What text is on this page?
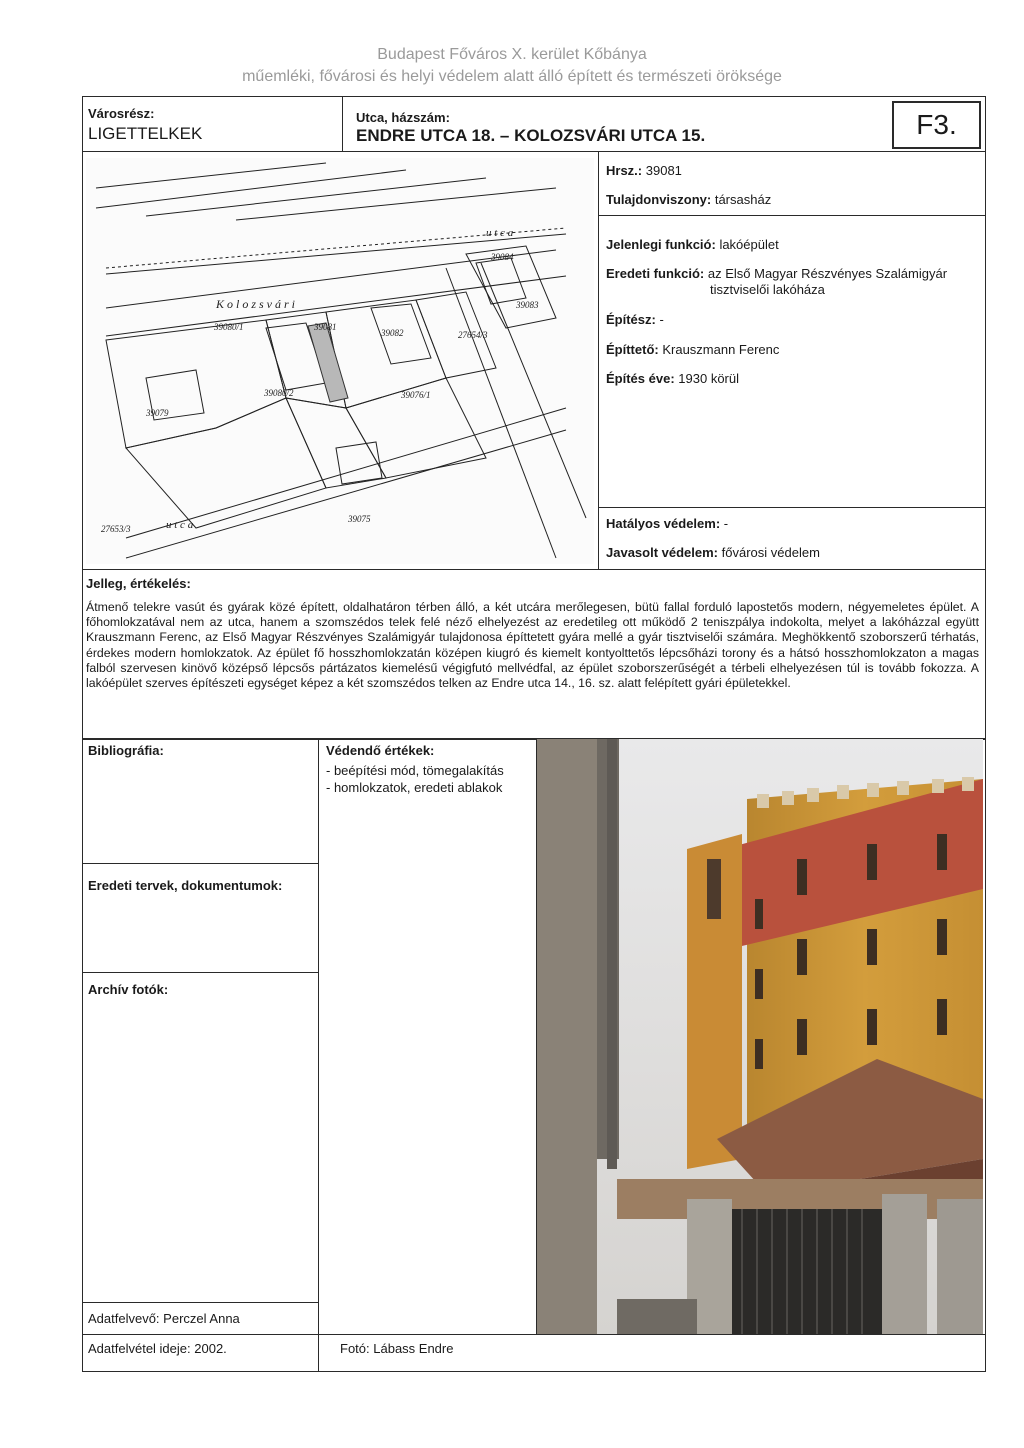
Budapest Főváros X. kerület Kőbánya
műemléki, fővárosi és helyi védelem alatt álló épített és természeti öröksége
Városrész:
LIGETTELKEK
Utca, házszám:
ENDRE UTCA 18. – KOLOZSVÁRI UTCA 15.	F3.
39081
39082
39080/2
39079
39076/1
39083
39084
39080/1
39075
27654/3
27653/3
K o l o z s v á r i
u t c a
u t c a
Hrsz.: 39081
Tulajdonviszony: társasház
Jelenlegi funkció: lakóépület
Eredeti funkció: az Első Magyar Részvényes Szalámigyár
tisztviselői lakóháza
Építész: -
Építtető: Krauszmann Ferenc
Építés éve: 1930 körül
Hatályos védelem: -
Javasolt védelem: fővárosi védelem
Jelleg, értékelés:
Átmenő telekre vasút és gyárak közé épített, oldalhatáron térben álló, a két utcára merőlegesen, bütü fallal forduló lapostetős modern, négyemeletes épület. A főhomlokzatával nem az utca, hanem a szomszédos telek felé néző elhelyezést az eredetileg ott működő 2 teniszpálya indokolta, melyet a lakóházzal együtt Krauszmann Ferenc, az Első Magyar Részvényes Szalámigyár tulajdonosa építtetett gyára mellé a gyár tisztviselői számára. Meghökkentő szoborszerű térhatás, érdekes modern homlokzatok. Az épület fő hosszhomlokzatán középen kiugró és kiemelt kontyolttetős lépcsőházi torony és a hátsó hosszhomlokzaton a magas falból szervesen kinövő középső lépcsős pártázatos kiemelésű végigfutó mellvédfal, az épület szoborszerűségét a térbeli elhelyezésen túl is tovább fokozza. A lakóépület szerves építészeti egységet képez a két szomszédos telken az Endre utca 14., 16. sz. alatt felépített gyári épületekkel.
Bibliográfia:	Védendő értékek:
- beépítési mód, tömegalakítás
- homlokzatok, eredeti ablakok
Eredeti tervek, dokumentumok:
Archív fotók:
Adatfelvevő: Perczel Anna
Adatfelvétel ideje: 2002.	Fotó: Lábass Endre
